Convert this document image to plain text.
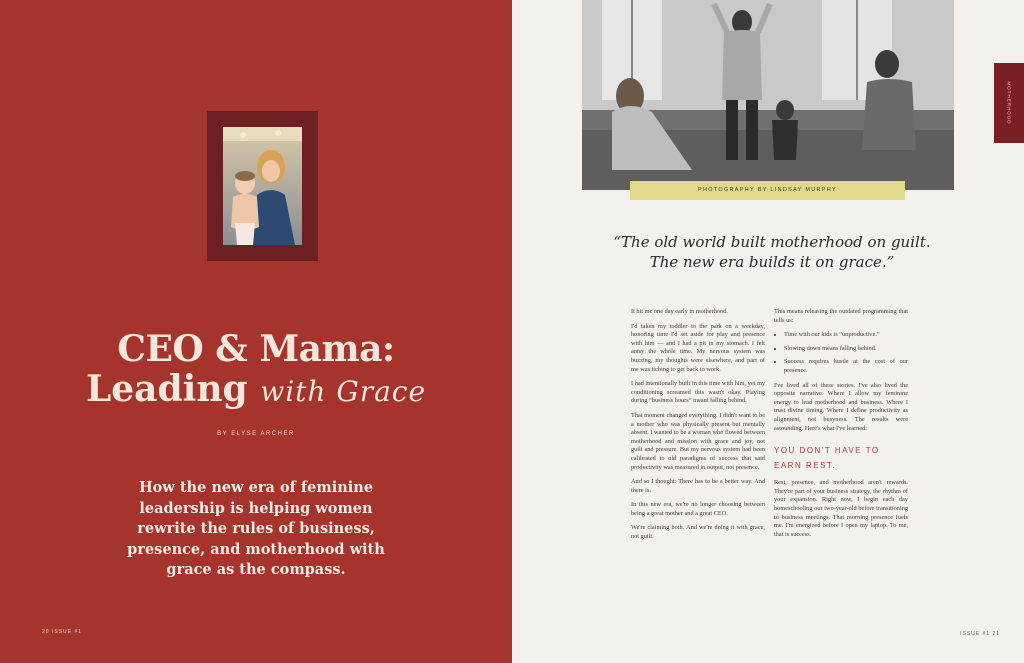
CEO & Mama:
Leading with Grace
BY ELYSE ARCHER
How the new era of feminine leadership is helping women rewrite the rules of business, presence, and motherhood with grace as the compass.
20 ISSUE #1
PHOTOGRAPHY BY LINDSAY MURPHY
“The old world built motherhood on guilt.
The new era builds it on grace.”

It hit me one day early in motherhood.

I'd taken my toddler to the park on a weekday, honoring time I'd set aside for play and presence with him — and I had a pit in my stomach. I felt antsy the whole time. My nervous system was buzzing, my thoughts were elsewhere, and part of me was itching to get back to work.

I had intentionally built in this time with him, yet my conditioning screamed this wasn't okay. Playing during “business hours” meant falling behind.

That moment changed everything. I didn't want to be a mother who was physically present but mentally absent. I wanted to be a woman who flowed between motherhood and mission with grace and joy, not guilt and pressure. But my nervous system had been calibrated to old paradigms of success that said productivity was measured in output, not presence.

And so I thought: There has to be a better way. And there is.

In this new era, we're no longer choosing between being a great mother and a great CEO.

We're claiming both. And we're doing it with grace, not guilt.

This means releasing the outdated programming that tells us:

• Time with our kids is “unproductive.”
• Slowing down means falling behind.
• Success requires hustle at the cost of our presence.

I've lived all of these stories. I've also lived the opposite narrative. Where I allow my feminine energy to lead motherhood and business. Where I trust divine timing. Where I define productivity as alignment, not busyness. The results were astounding. Here's what I've learned:

YOU DON'T HAVE TO
EARN REST.

Rest, presence, and motherhood aren't rewards. They're part of your business strategy, the rhythm of your expansion. Right now, I begin each day homeschooling our two-year-old before transitioning to business meetings. That morning presence fuels me. I'm energized before I open my laptop. To me, that is success.

MOTHERHOOD
ISSUE #1 21
